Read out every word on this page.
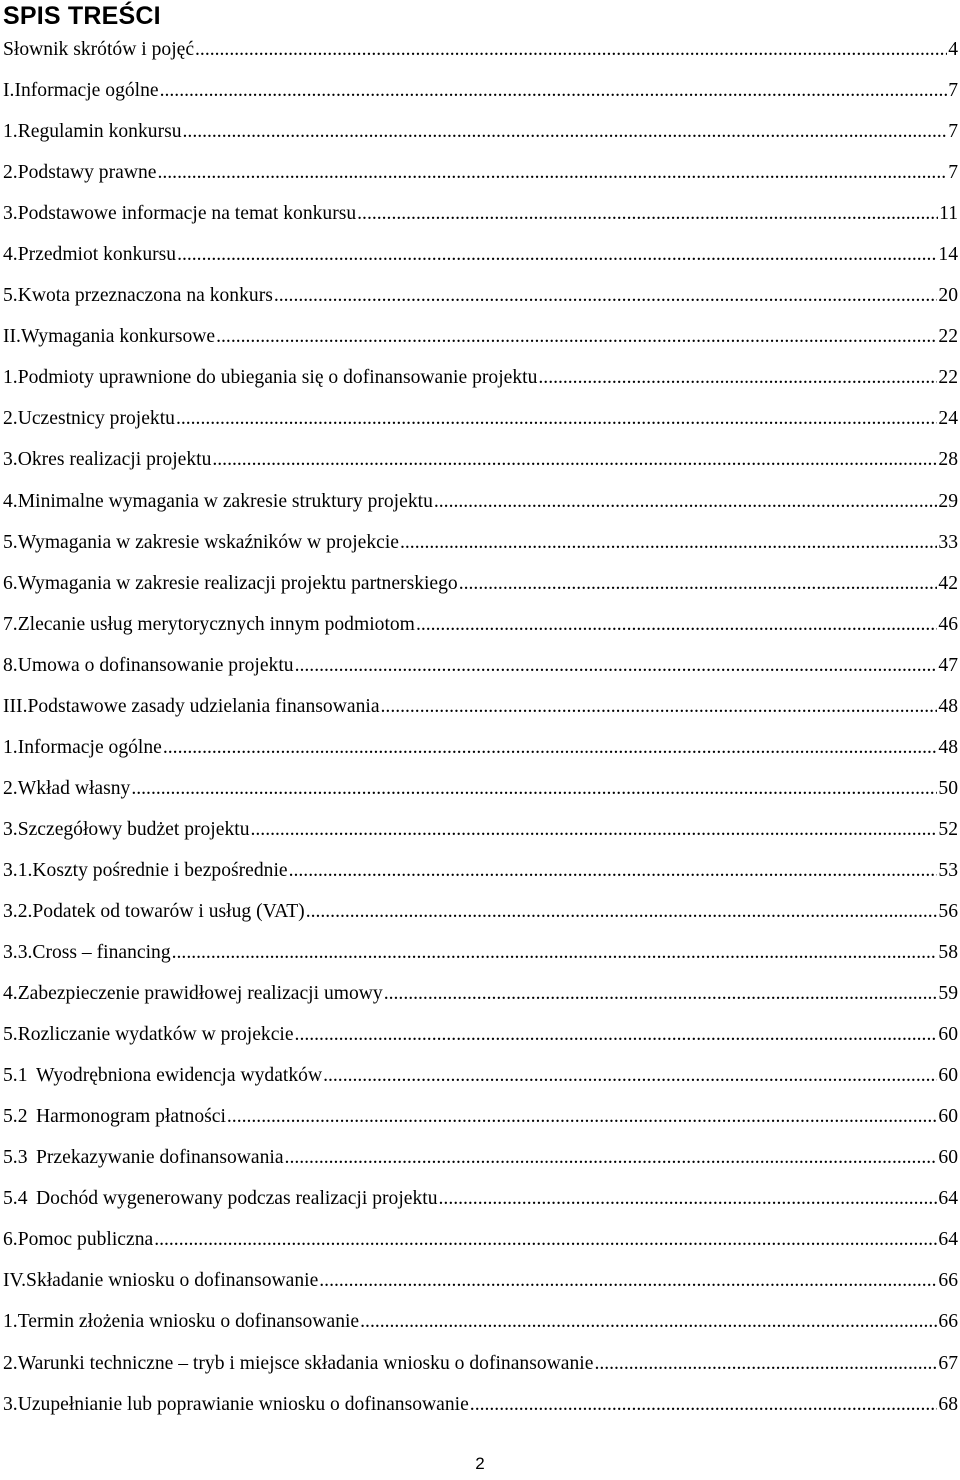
SPIS TREŚCI
Słownik skrótów i pojęć .....	4
I.Informacje ogólne .....	7
1.Regulamin konkursu .....	7
2.Podstawy prawne .....	7
3.Podstawowe informacje na temat konkursu .....	11
4.Przedmiot konkursu .....	14
5.Kwota przeznaczona na konkurs .....	20
II.Wymagania konkursowe .....	22
1.Podmioty uprawnione do ubiegania się o dofinansowanie projektu .....	22
2.Uczestnicy projektu .....	24
3.Okres realizacji projektu .....	28
4.Minimalne wymagania w zakresie struktury projektu .....	29
5.Wymagania w zakresie wskaźników w projekcie .....	33
6.Wymagania w zakresie realizacji projektu partnerskiego .....	42
7.Zlecanie usług merytorycznych innym podmiotom .....	46
8.Umowa o dofinansowanie projektu .....	47
III.Podstawowe zasady udzielania finansowania .....	48
1.Informacje ogólne .....	48
2.Wkład własny .....	50
3.Szczegółowy budżet projektu .....	52
3.1.Koszty pośrednie i bezpośrednie .....	53
3.2.Podatek od towarów i usług (VAT) .....	56
3.3.Cross – financing .....	58
4.Zabezpieczenie prawidłowej realizacji umowy .....	59
5.Rozliczanie wydatków w projekcie .....	60
5.1 Wyodrębniona ewidencja wydatków .....	60
5.2 Harmonogram płatności .....	60
5.3 Przekazywanie dofinansowania .....	60
5.4 Dochód wygenerowany podczas realizacji projektu .....	64
6.Pomoc publiczna .....	64
IV.Składanie wniosku o dofinansowanie .....	66
1.Termin złożenia wniosku o dofinansowanie .....	66
2.Warunki techniczne – tryb i miejsce składania wniosku o dofinansowanie .....	67
3.Uzupełnianie lub poprawianie wniosku o dofinansowanie .....	68
2
